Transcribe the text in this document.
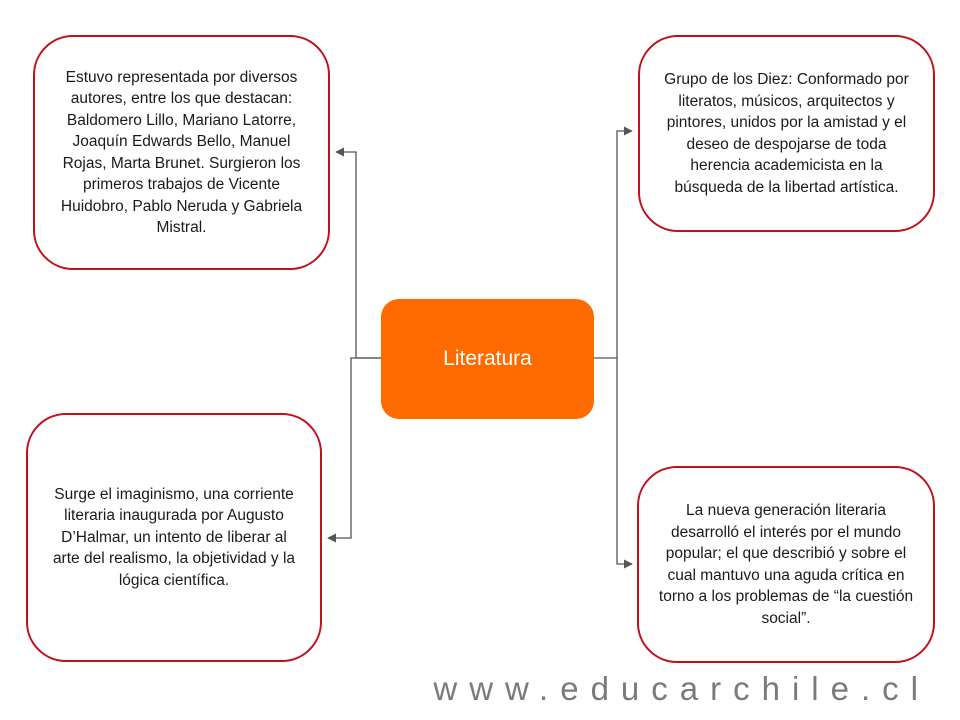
Estuvo representada por diversos autores, entre los que destacan: Baldomero Lillo, Mariano Latorre, Joaquín Edwards Bello, Manuel Rojas, Marta Brunet. Surgieron los primeros trabajos de Vicente Huidobro, Pablo Neruda y Gabriela Mistral.
Grupo de los Diez: Conformado por literatos, músicos, arquitectos y pintores, unidos por la amistad y el deseo de despojarse de toda herencia academicista en la búsqueda de la libertad artística.
Surge el imaginismo, una corriente literaria inaugurada por Augusto D’Halmar, un intento de liberar al arte del realismo, la objetividad y la lógica científica.
La nueva generación literaria desarrolló el interés por el mundo popular; el que describió y sobre el cual mantuvo una aguda crítica en torno a los problemas de “la cuestión social”.
Literatura
www.educarchile.cl
